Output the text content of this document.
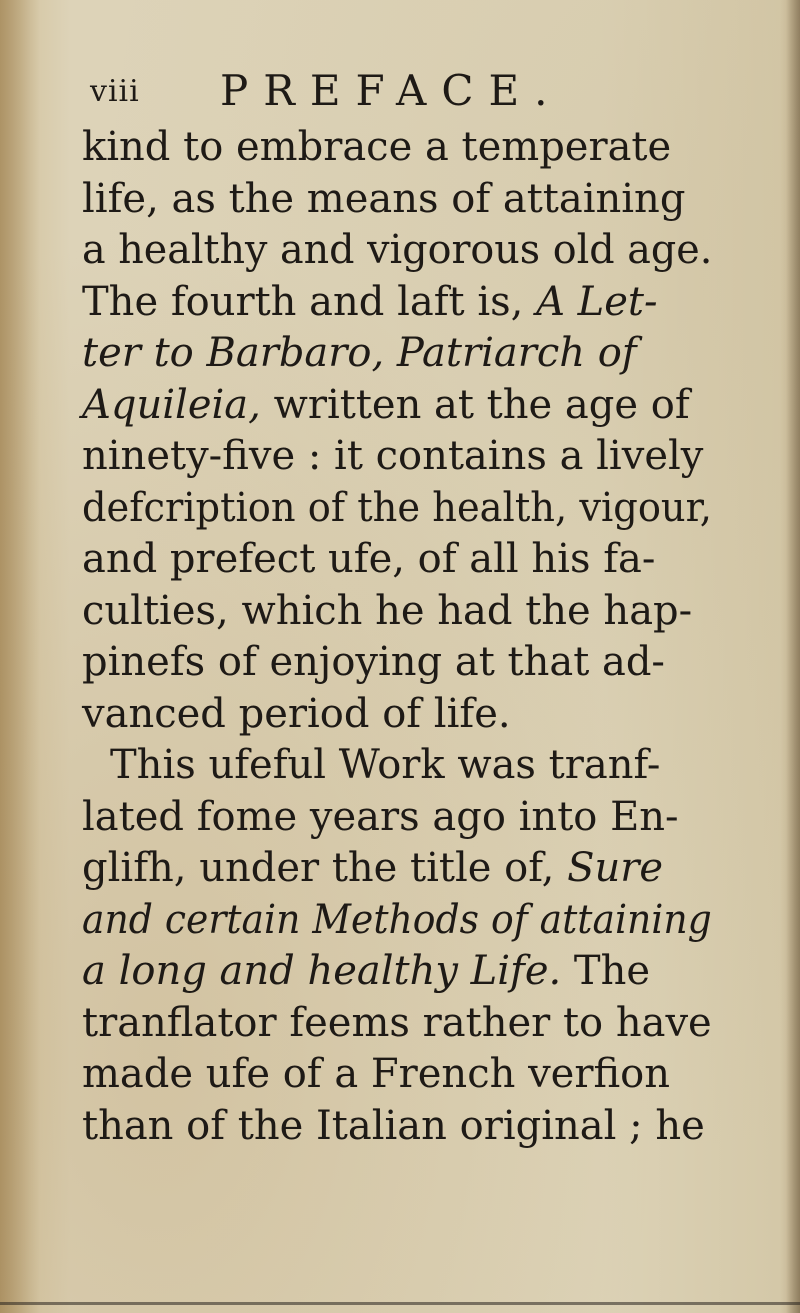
viii PREFACE.
kind to embrace a temperate
life, as the means of attaining
a healthy and vigorous old age.
The fourth and laft is, A Let-
ter to Barbaro, Patriarch of
Aquileia, written at the age of
ninety-five : it contains a lively
defcription of the health, vigour,
and prefect ufe, of all his fa-
culties, which he had the hap-
pinefs of enjoying at that ad-
vanced period of life.
This ufeful Work was tranf-
lated fome years ago into En-
glifh, under the title of, Sure
and certain Methods of attaining
a long and healthy Life. The
tranflator feems rather to have
made ufe of a French verfion
than of the Italian original ; he
